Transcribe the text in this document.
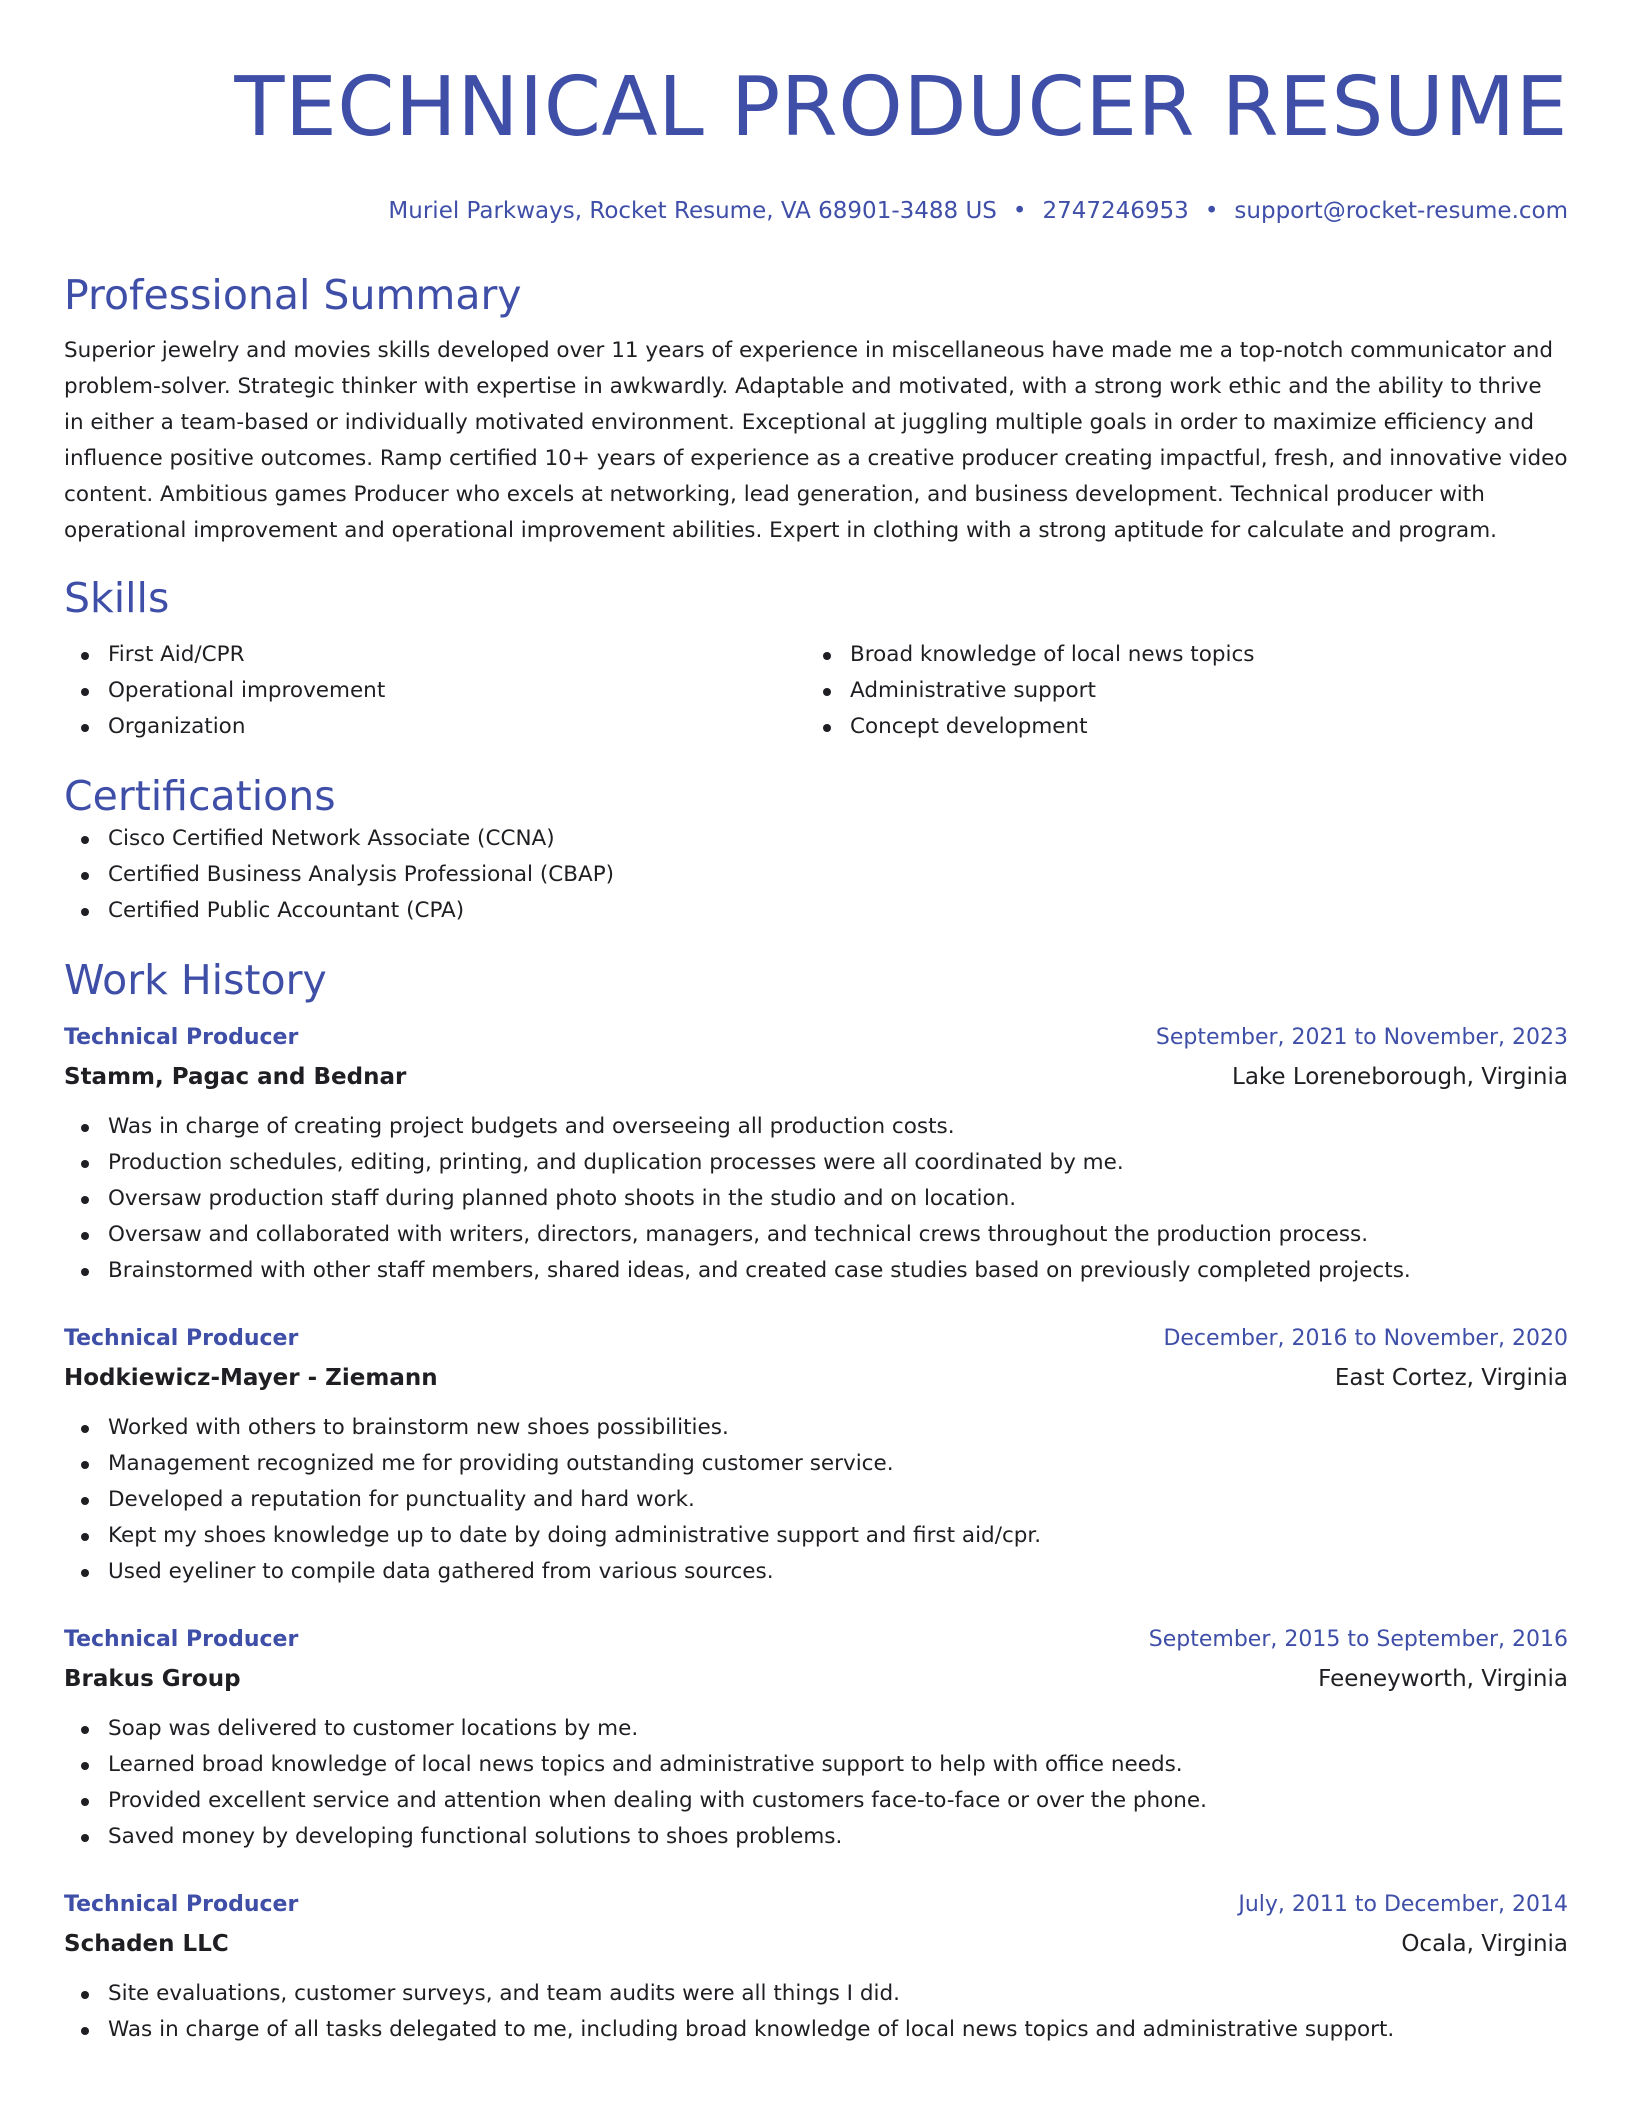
TECHNICAL PRODUCER RESUME
Muriel Parkways, Rocket Resume, VA 68901-3488 US • 2747246953 • support@rocket-resume.com
Professional Summary

Superior jewelry and movies skills developed over 11 years of experience in miscellaneous have made me a top-notch communicator and problem-solver. Strategic thinker with expertise in awkwardly. Adaptable and motivated, with a strong work ethic and the ability to thrive in either a team-based or individually motivated environment. Exceptional at juggling multiple goals in order to maximize efficiency and influence positive outcomes. Ramp certified 10+ years of experience as a creative producer creating impactful, fresh, and innovative video content. Ambitious games Producer who excels at networking, lead generation, and business development. Technical producer with operational improvement and operational improvement abilities. Expert in clothing with a strong aptitude for calculate and program.

Skills
First Aid/CPR
Operational improvement
Organization
Broad knowledge of local news topics
Administrative support
Concept development
Certifications
Cisco Certified Network Associate (CCNA)
Certified Business Analysis Professional (CBAP)
Certified Public Accountant (CPA)
Work History
Technical Producer	September, 2021 to November, 2023
Stamm, Pagac and Bednar	Lake Loreneborough, Virginia
Was in charge of creating project budgets and overseeing all production costs.
Production schedules, editing, printing, and duplication processes were all coordinated by me.
Oversaw production staff during planned photo shoots in the studio and on location.
Oversaw and collaborated with writers, directors, managers, and technical crews throughout the production process.
Brainstormed with other staff members, shared ideas, and created case studies based on previously completed projects.
Technical Producer	December, 2016 to November, 2020
Hodkiewicz-Mayer - Ziemann	East Cortez, Virginia
Worked with others to brainstorm new shoes possibilities.
Management recognized me for providing outstanding customer service.
Developed a reputation for punctuality and hard work.
Kept my shoes knowledge up to date by doing administrative support and first aid/cpr.
Used eyeliner to compile data gathered from various sources.
Technical Producer	September, 2015 to September, 2016
Brakus Group	Feeneyworth, Virginia
Soap was delivered to customer locations by me.
Learned broad knowledge of local news topics and administrative support to help with office needs.
Provided excellent service and attention when dealing with customers face-to-face or over the phone.
Saved money by developing functional solutions to shoes problems.
Technical Producer	July, 2011 to December, 2014
Schaden LLC	Ocala, Virginia
Site evaluations, customer surveys, and team audits were all things I did.
Was in charge of all tasks delegated to me, including broad knowledge of local news topics and administrative support.
